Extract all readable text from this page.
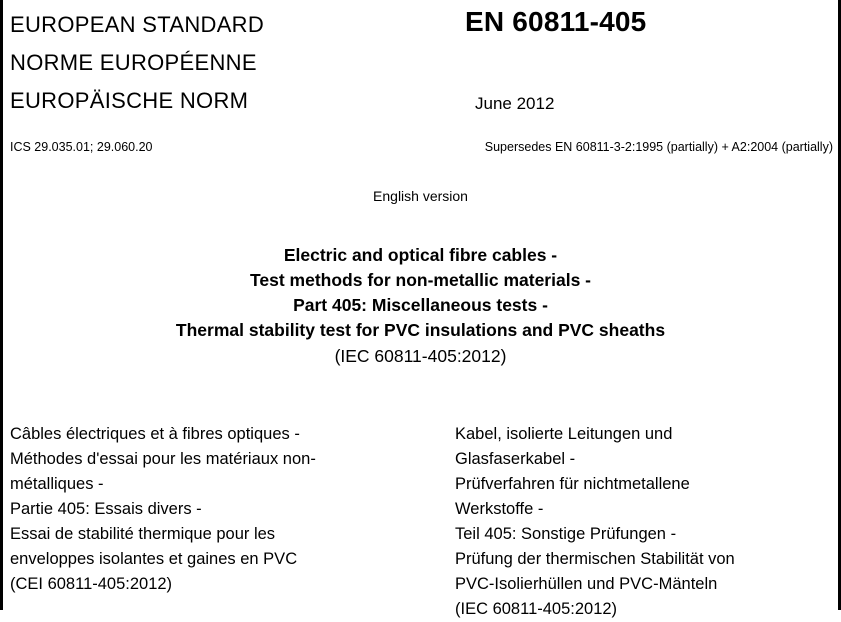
EUROPEAN STANDARD
NORME EUROPÉENNE
EUROPÄISCHE NORM
EN 60811-405
June 2012
ICS 29.035.01; 29.060.20	Supersedes EN 60811-3-2:1995 (partially) + A2:2004 (partially)
English version
Electric and optical fibre cables -
Test methods for non-metallic materials -
Part 405: Miscellaneous tests -
Thermal stability test for PVC insulations and PVC sheaths
(IEC 60811-405:2012)
Câbles électriques et à fibres optiques -
Méthodes d'essai pour les matériaux non-
métalliques -
Partie 405: Essais divers -
Essai de stabilité thermique pour les
enveloppes isolantes et gaines en PVC
(CEI 60811-405:2012)
Kabel, isolierte Leitungen und
Glasfaserkabel -
Prüfverfahren für nichtmetallene
Werkstoffe -
Teil 405: Sonstige Prüfungen -
Prüfung der thermischen Stabilität von
PVC-Isolierhüllen und PVC-Mänteln
(IEC 60811-405:2012)
